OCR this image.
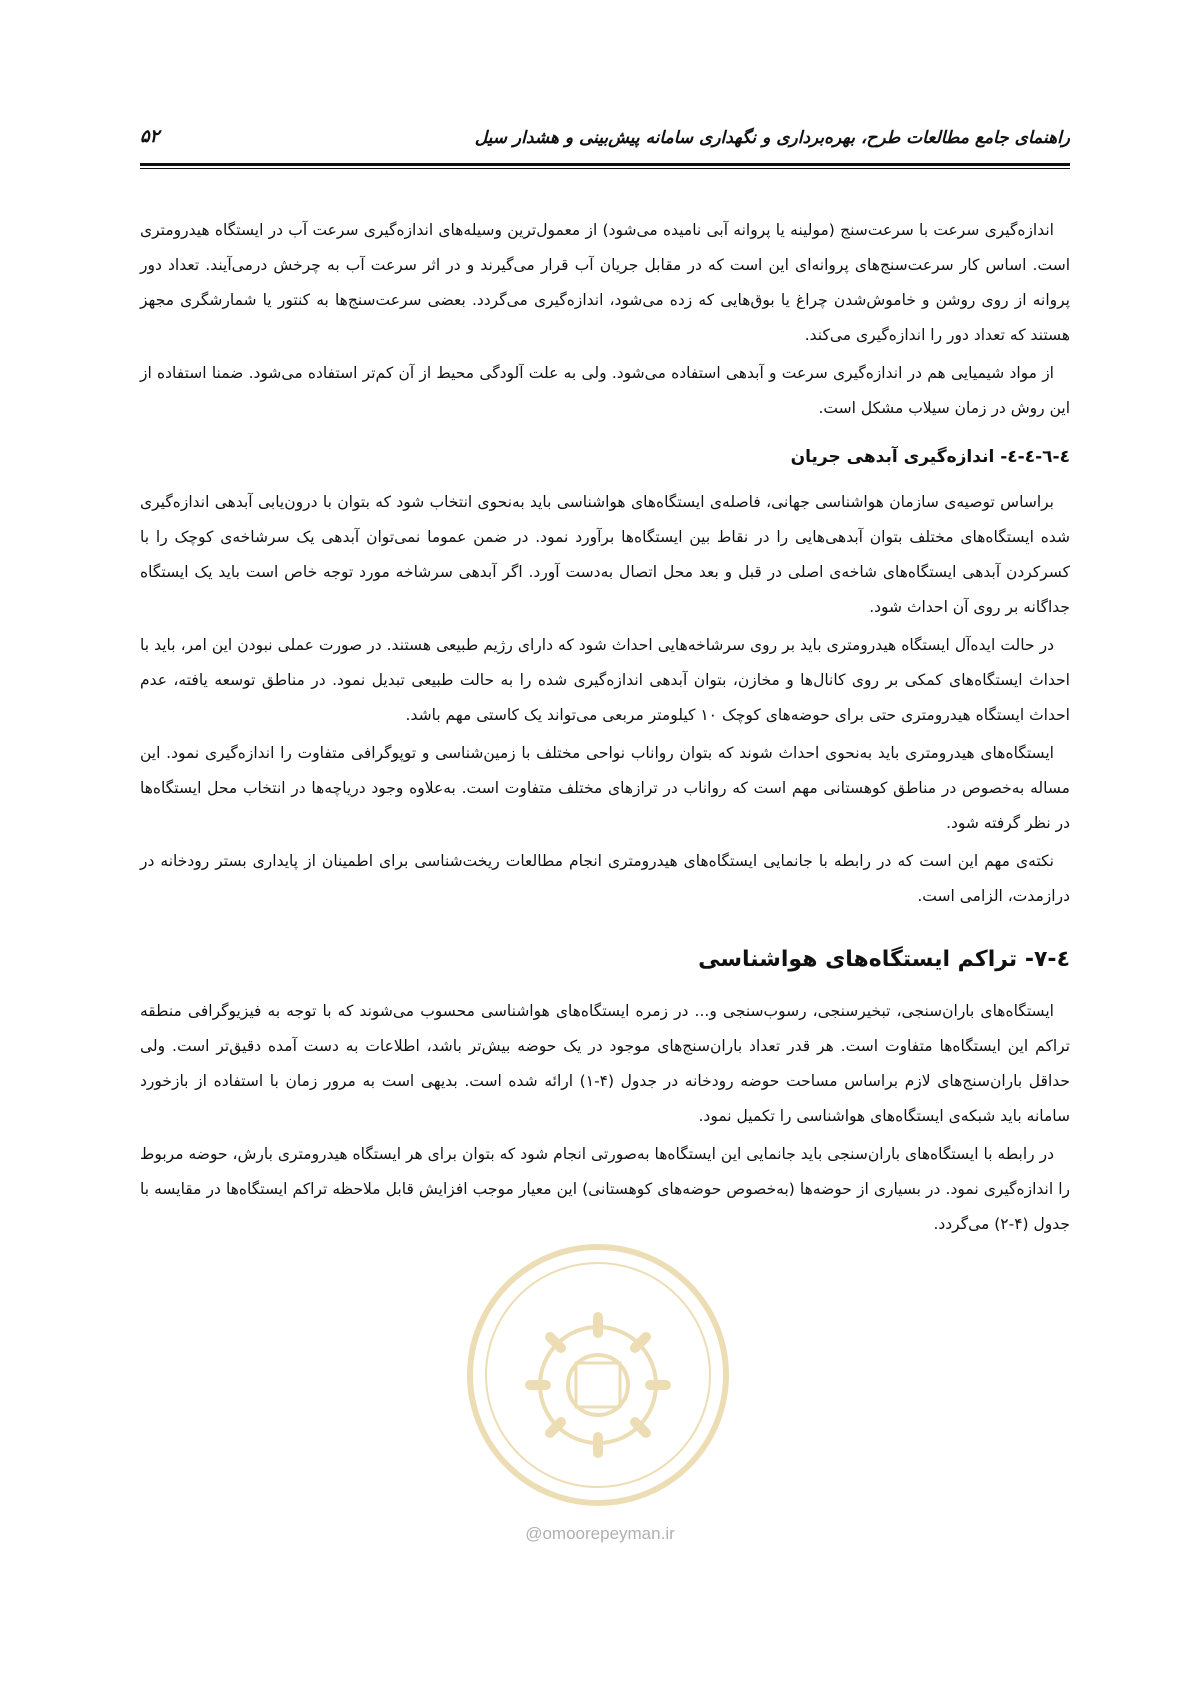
راهنمای جامع مطالعات طرح، بهره‌برداری و نگهداری سامانه پیش‌بینی و هشدار سیل
۵۲

اندازه‌گیری سرعت با سرعت‌سنج (مولینه یا پروانه آبی نامیده می‌شود) از معمول‌ترین وسیله‌های اندازه‌گیری سرعت آب در ایستگاه هیدرومتری است. اساس کار سرعت‌سنج‌های پروانه‌ای این است که در مقابل جریان آب قرار می‌گیرند و در اثر سرعت آب به چرخش درمی‌آیند. تعداد دور پروانه از روی روشن و خاموش‌شدن چراغ یا بوق‌هایی که زده می‌شود، اندازه‌گیری می‌گردد. بعضی سرعت‌سنج‌ها به کنتور یا شمارشگری مجهز هستند که تعداد دور را اندازه‌گیری می‌کند.

از مواد شیمیایی هم در اندازه‌گیری سرعت و آبدهی استفاده می‌شود. ولی به علت آلودگی محیط از آن کم‌تر استفاده می‌شود. ضمنا استفاده از این روش در زمان سیلاب مشکل است.

٤-٦-٤-٤- اندازه‌گیری آبدهی جریان

براساس توصیه‌ی سازمان هواشناسی جهانی، فاصله‌ی ایستگاه‌های هواشناسی باید به‌نحوی انتخاب شود که بتوان با درون‌یابی آبدهی اندازه‌گیری شده ایستگاه‌های مختلف بتوان آبدهی‌هایی را در نقاط بین ایستگاه‌ها برآورد نمود. در ضمن عموما نمی‌توان آبدهی یک سرشاخه‌ی کوچک را با کسرکردن آبدهی ایستگاه‌های شاخه‌ی اصلی در قبل و بعد محل اتصال به‌دست آورد. اگر آبدهی سرشاخه مورد توجه خاص است باید یک ایستگاه جداگانه بر روی آن احداث شود.

در حالت ایده‌آل ایستگاه هیدرومتری باید بر روی سرشاخه‌هایی احداث شود که دارای رژیم طبیعی هستند. در صورت عملی نبودن این امر، باید با احداث ایستگاه‌های کمکی بر روی کانال‌ها و مخازن، بتوان آبدهی اندازه‌گیری شده را به حالت طبیعی تبدیل نمود. در مناطق توسعه یافته، عدم احداث ایستگاه هیدرومتری حتی برای حوضه‌های کوچک ١٠ کیلومتر مربعی می‌تواند یک کاستی مهم باشد.

ایستگاه‌های هیدرومتری باید به‌نحوی احداث شوند که بتوان رواناب نواحی مختلف با زمین‌شناسی و توپوگرافی متفاوت را اندازه‌گیری نمود. این مساله به‌خصوص در مناطق کوهستانی مهم است که رواناب در ترازهای مختلف متفاوت است. به‌علاوه وجود دریاچه‌ها در انتخاب محل ایستگاه‌ها در نظر گرفته شود.

نکته‌ی مهم این است که در رابطه با جانمایی ایستگاه‌های هیدرومتری انجام مطالعات ریخت‌شناسی برای اطمینان از پایداری بستر رودخانه در درازمدت، الزامی است.

٤-٧- تراکم ایستگاه‌های هواشناسی

ایستگاه‌های باران‌سنجی، تبخیرسنجی، رسوب‌سنجی و... در زمره ایستگاه‌های هواشناسی محسوب می‌شوند که با توجه به فیزیوگرافی منطقه تراکم این ایستگاه‌ها متفاوت است. هر قدر تعداد باران‌سنج‌های موجود در یک حوضه بیش‌تر باشد، اطلاعات به دست آمده دقیق‌تر است. ولی حداقل باران‌سنج‌های لازم براساس مساحت حوضه رودخانه در جدول (۴-۱) ارائه شده است. بدیهی است به مرور زمان با استفاده از بازخورد سامانه باید شبکه‌ی ایستگاه‌های هواشناسی را تکمیل نمود.

در رابطه با ایستگاه‌های باران‌سنجی باید جانمایی این ایستگاه‌ها به‌صورتی انجام شود که بتوان برای هر ایستگاه هیدرومتری بارش، حوضه مربوط را اندازه‌گیری نمود. در بسیاری از حوضه‌ها (به‌خصوص حوضه‌های کوهستانی) این معیار موجب افزایش قابل ملاحظه تراکم ایستگاه‌ها در مقایسه با جدول (۴-۲) می‌گردد.

@omoorepeyman.ir
